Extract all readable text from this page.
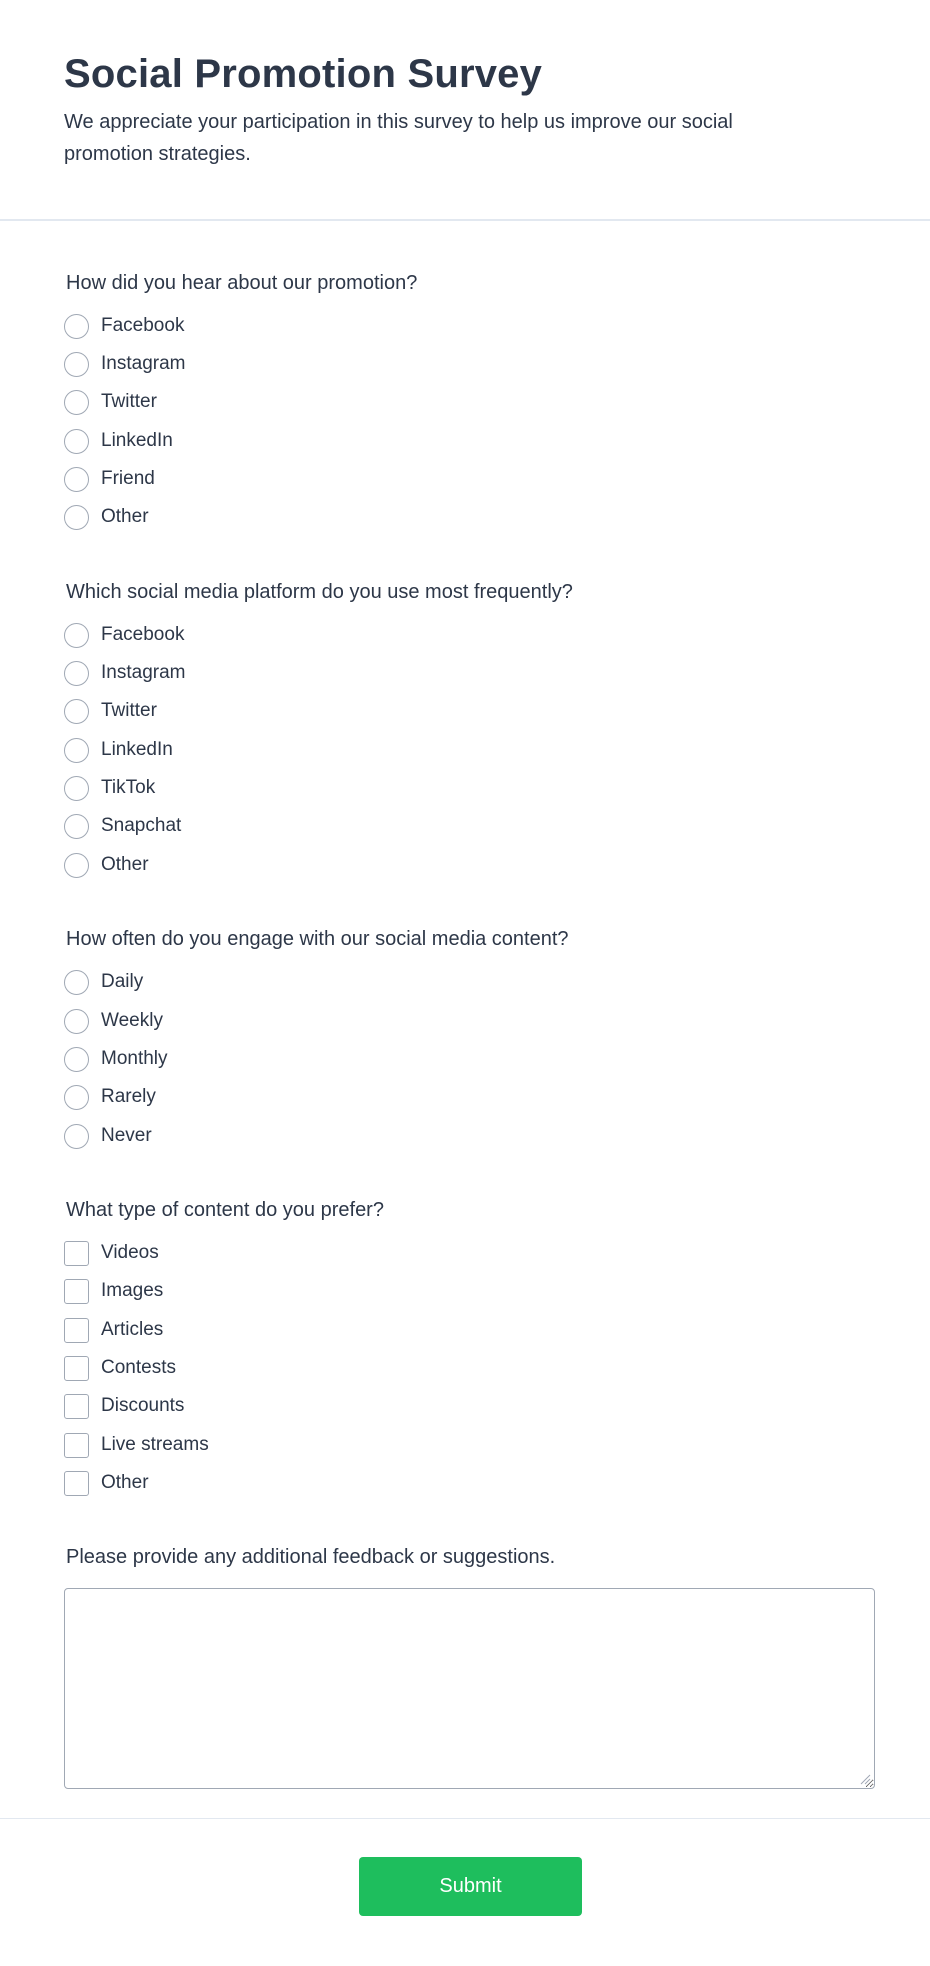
Social Promotion Survey

We appreciate your participation in this survey to help us improve our social promotion strategies.

How did you hear about our promotion?
Facebook
Instagram
Twitter
LinkedIn
Friend
Other
Which social media platform do you use most frequently?
Facebook
Instagram
Twitter
LinkedIn
TikTok
Snapchat
Other
How often do you engage with our social media content?
Daily
Weekly
Monthly
Rarely
Never
What type of content do you prefer?
Videos
Images
Articles
Contests
Discounts
Live streams
Other
Please provide any additional feedback or suggestions.
Submit
